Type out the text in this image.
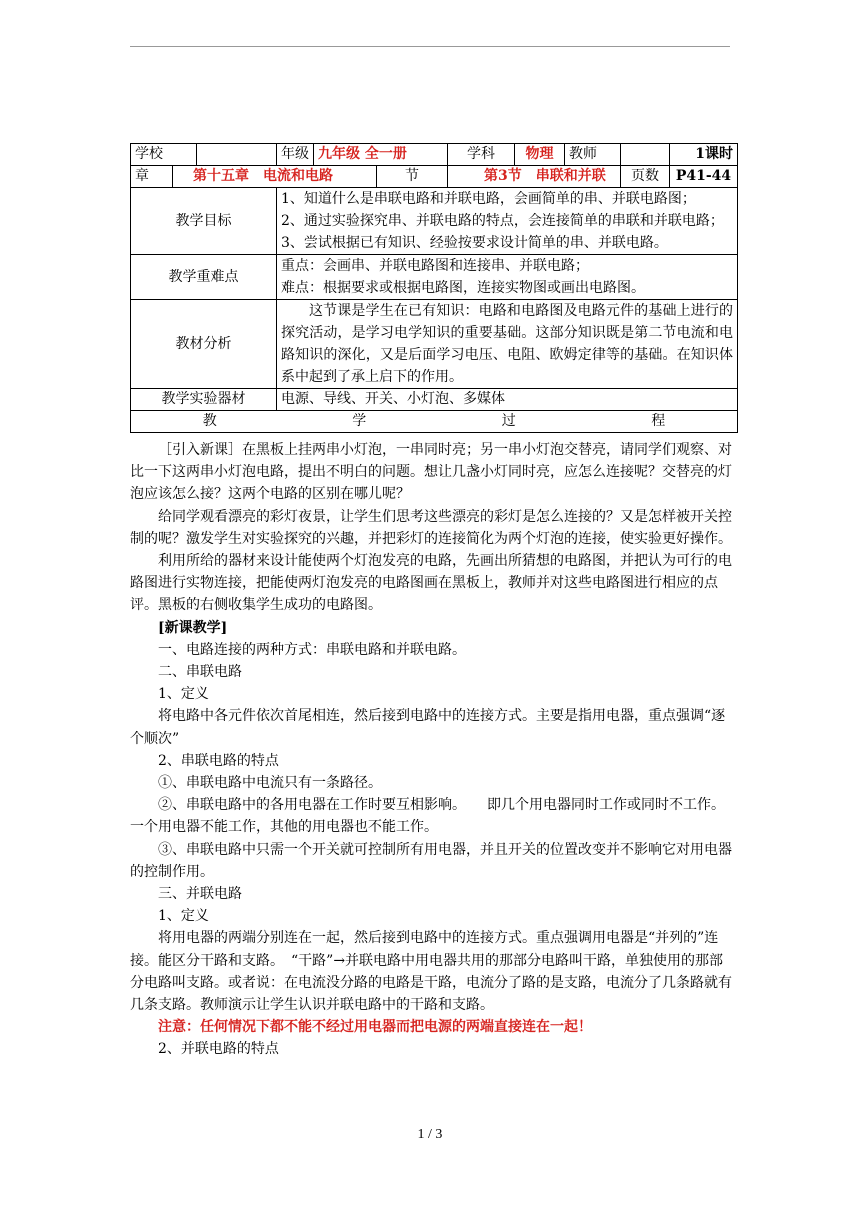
学校			年级	九年级 全一册		学科	物理	教师		1课时
章	第十五章　电流和电路				节	第3节　串联和并联			页数	P41-44
教学目标			1、知道什么是串联电路和并联电路，会画简单的串、并联电路图；
2、通过实验探究串、并联电路的特点，会连接简单的串联和并联电路；
3、尝试根据已有知识、经验按要求设计简单的串、并联电路。							

教学重难点			重点：会画串、并联电路图和连接串、并联电路；
难点：根据要求或根据电路图，连接实物图或画出电路图。							

教材分析			这节课是学生在已有知识：电路和电路图及电路元件的基础上进行的探究活动，是学习电学知识的重要基础。这部分知识既是第二节电流和电路知识的深化，又是后面学习电压、电阻、欧姆定律等的基础。在知识体系中起到了承上启下的作用。							
教学实验器材			电源、导线、开关、小灯泡、多媒体							
教 学 过 程										

［引入新课］在黑板上挂两串小灯泡，一串同时亮；另一串小灯泡交替亮，请同学们观察、对比一下这两串小灯泡电路，提出不明白的问题。想让几盏小灯同时亮，应怎么连接呢？交替亮的灯泡应该怎么接？这两个电路的区别在哪儿呢？

给同学观看漂亮的彩灯夜景，让学生们思考这些漂亮的彩灯是怎么连接的？又是怎样被开关控制的呢？激发学生对实验探究的兴趣，并把彩灯的连接简化为两个灯泡的连接，使实验更好操作。

利用所给的器材来设计能使两个灯泡发亮的电路，先画出所猜想的电路图，并把认为可行的电路图进行实物连接，把能使两灯泡发亮的电路图画在黑板上，教师并对这些电路图进行相应的点评。黑板的右侧收集学生成功的电路图。

[新课教学]

一、电路连接的两种方式：串联电路和并联电路。

二、串联电路

1、定义

将电路中各元件依次首尾相连，然后接到电路中的连接方式。主要是指用电器，重点强调“逐个顺次”

2、串联电路的特点

①、串联电路中电流只有一条路径。

②、串联电路中的各用电器在工作时要互相影响。　　即几个用电器同时工作或同时不工作。一个用电器不能工作，其他的用电器也不能工作。

③、串联电路中只需一个开关就可控制所有用电器，并且开关的位置改变并不影响它对用电器的控制作用。

三、并联电路

1、定义

将用电器的两端分别连在一起，然后接到电路中的连接方式。重点强调用电器是“并列的”连接。能区分干路和支路。　“干路”→并联电路中用电器共用的那部分电路叫干路，单独使用的那部分电路叫支路。或者说：在电流没分路的电路是干路，电流分了路的是支路，电流分了几条路就有几条支路。教师演示让学生认识并联电路中的干路和支路。

注意：任何情况下都不能不经过用电器而把电源的两端直接连在一起！

2、并联电路的特点

1 / 3
